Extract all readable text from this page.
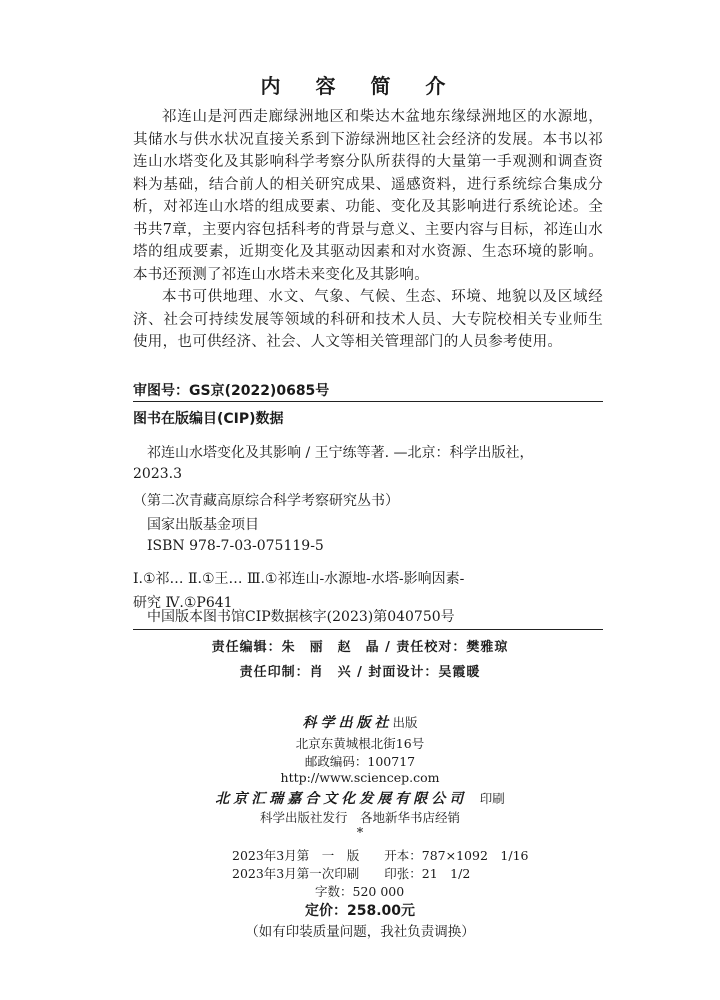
内 容 简 介

祁连山是河西走廊绿洲地区和柴达木盆地东缘绿洲地区的水源地，其储水与供水状况直接关系到下游绿洲地区社会经济的发展。本书以祁连山水塔变化及其影响科学考察分队所获得的大量第一手观测和调查资料为基础，结合前人的相关研究成果、遥感资料，进行系统综合集成分析，对祁连山水塔的组成要素、功能、变化及其影响进行系统论述。全书共7章，主要内容包括科考的背景与意义、主要内容与目标，祁连山水塔的组成要素，近期变化及其驱动因素和对水资源、生态环境的影响。本书还预测了祁连山水塔未来变化及其影响。

本书可供地理、水文、气象、气候、生态、环境、地貌以及区域经济、社会可持续发展等领域的科研和技术人员、大专院校相关专业师生使用，也可供经济、社会、人文等相关管理部门的人员参考使用。

审图号：GS京(2022)0685号
图书在版编目(CIP)数据
祁连山水塔变化及其影响 / 王宁练等著. —北京：科学出版社，
2023.3
（第二次青藏高原综合科学考察研究丛书）
国家出版基金项目
ISBN 978-7-03-075119-5
Ⅰ.①祁… Ⅱ.①王… Ⅲ.①祁连山-水源地-水塔-影响因素-
研究 Ⅳ.①P641
中国版本图书馆CIP数据核字(2023)第040750号
责任编辑：朱　丽　赵　晶 / 责任校对：樊雅琼
责任印制：肖　兴 / 封面设计：吴霞暖
科学出版社出版
北京东黄城根北街16号
邮政编码：100717
http://www.sciencep.com
北京汇瑞嘉合文化发展有限公司　 印刷
科学出版社发行　各地新华书店经销
*
2023年3月第　一　版　　开本：787×1092　1/16
2023年3月第一次印刷　　印张：21　1/2
字数：520 000
定价：258.00元
（如有印装质量问题，我社负责调换）
